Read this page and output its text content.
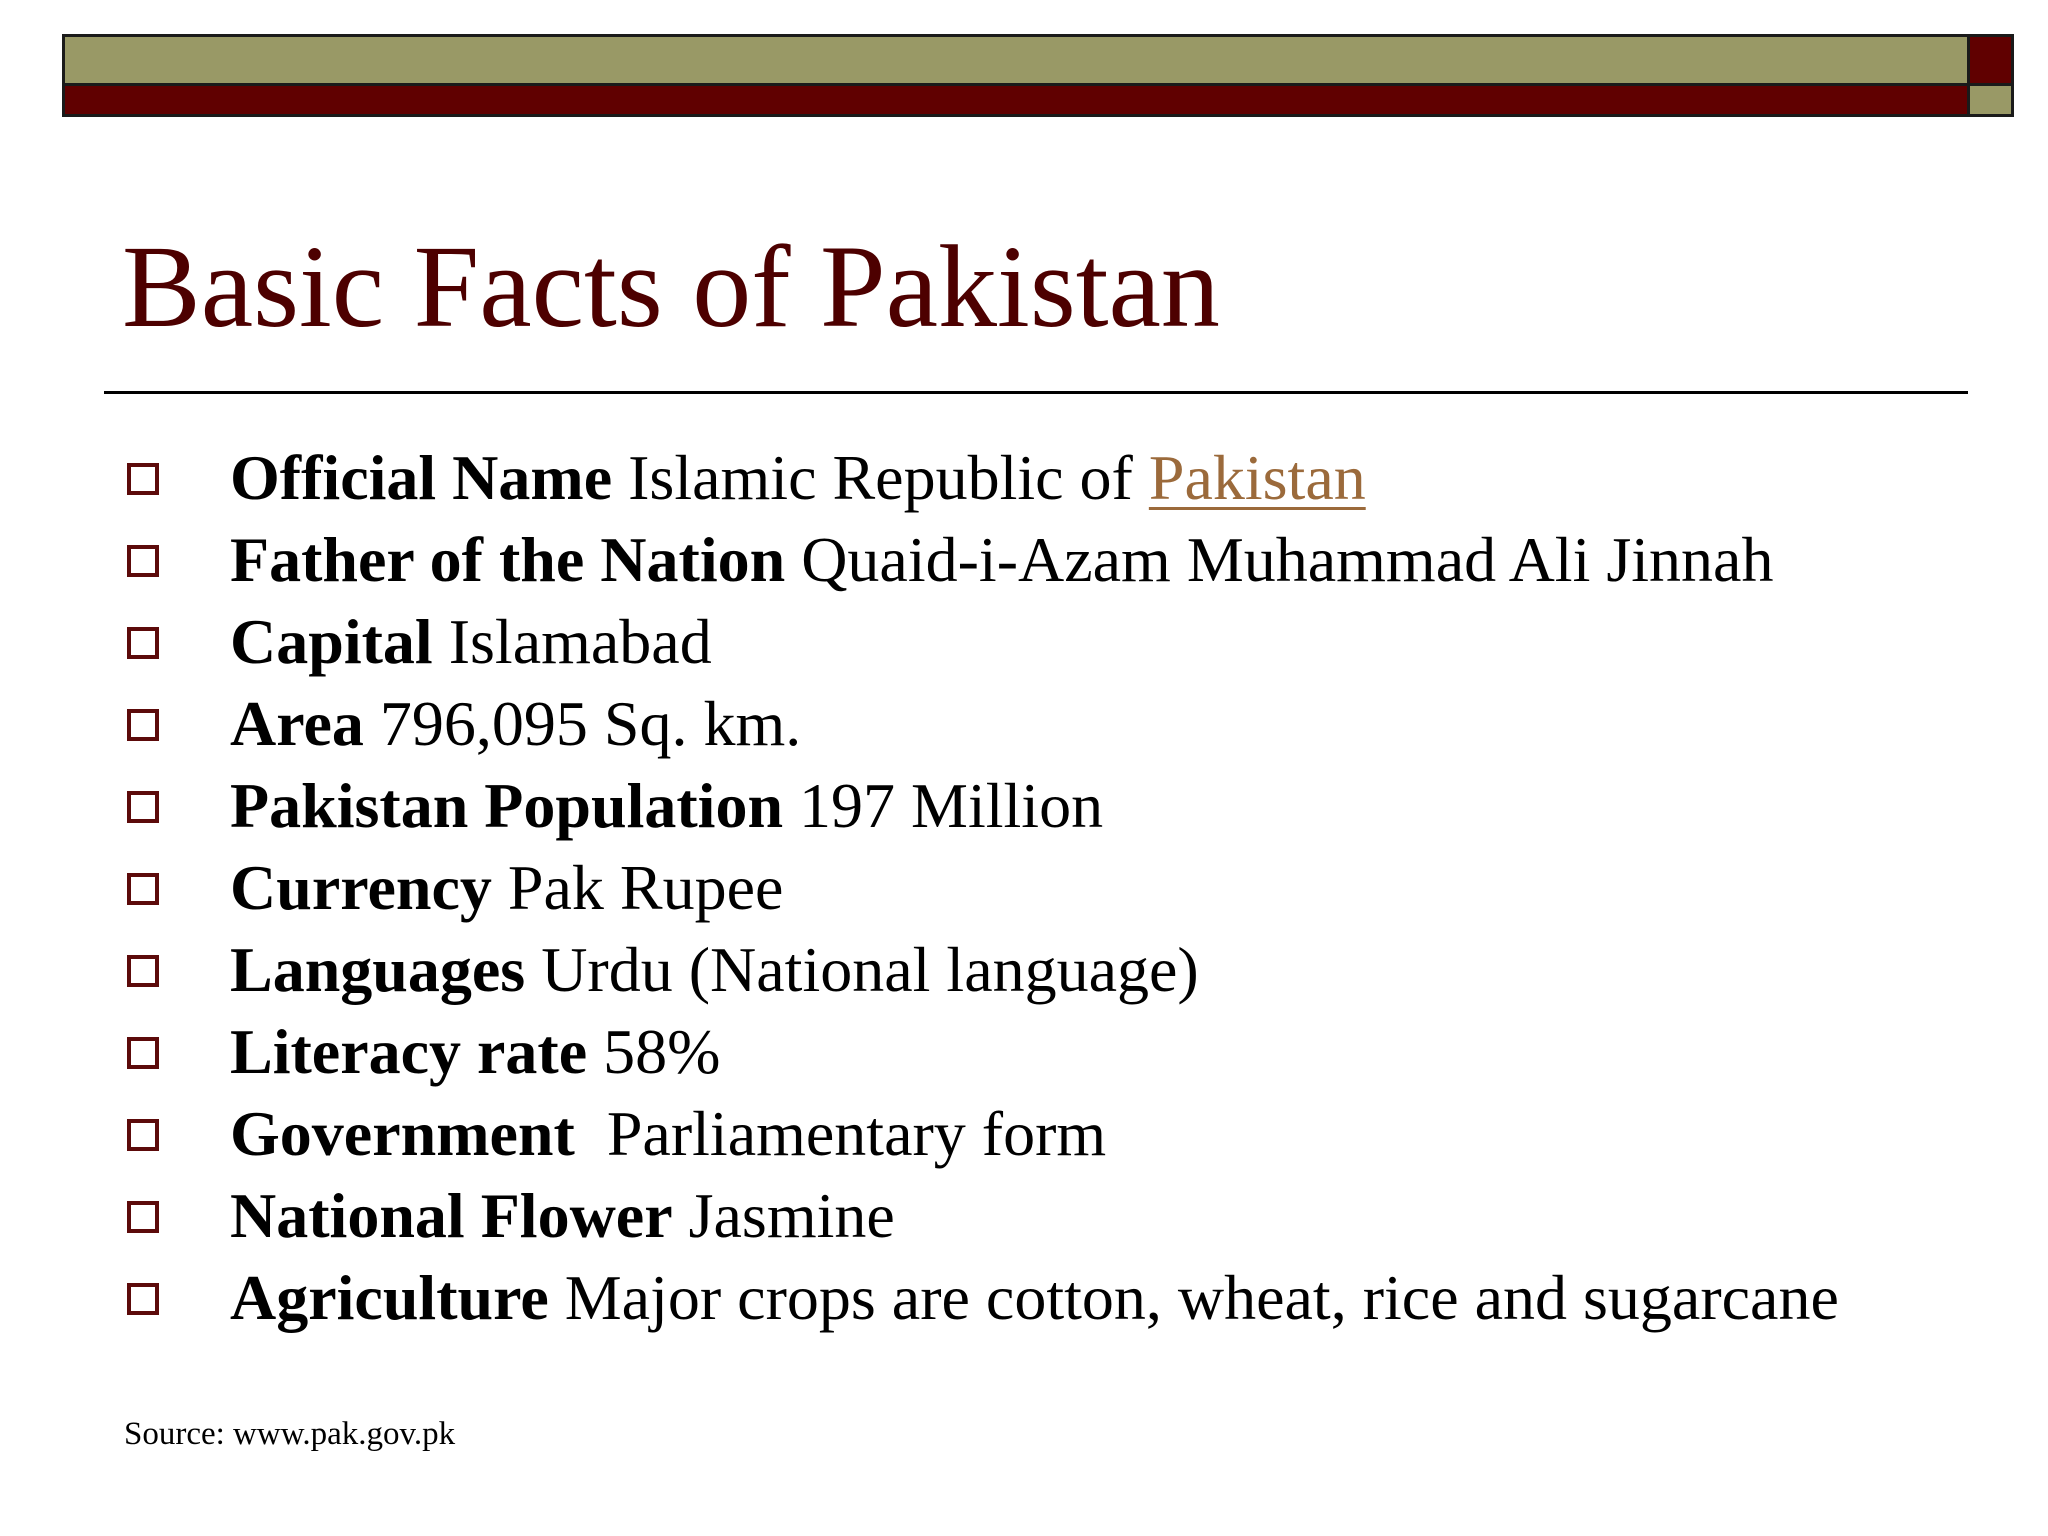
Basic Facts of Pakistan
Official Name Islamic Republic of Pakistan
Father of the Nation Quaid-i-Azam Muhammad Ali Jinnah
Capital Islamabad
Area 796,095 Sq. km.
Pakistan Population 197 Million
Currency Pak Rupee
Languages Urdu (National language)
Literacy rate 58%
Government  Parliamentary form
National Flower Jasmine
Agriculture Major crops are cotton, wheat, rice and sugarcane
Source: www.pak.gov.pk
